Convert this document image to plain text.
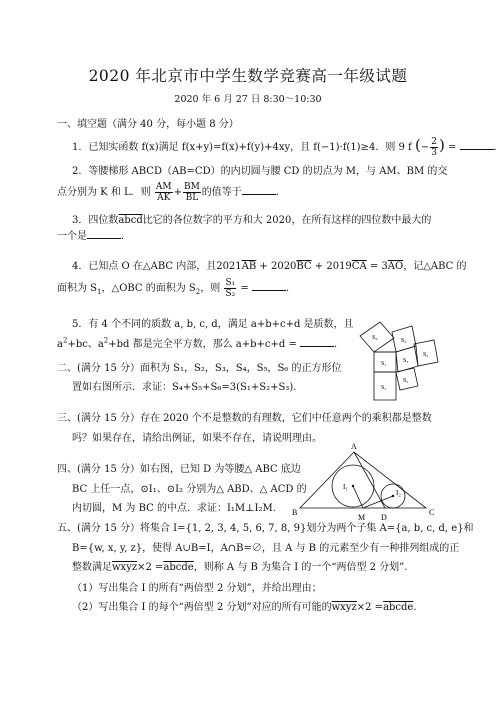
2020 年北京市中学生数学竞赛高一年级试题
2020 年 6 月 27 日 8:30～10:30
一、填空题（满分 40 分，每小题 8 分）
1．已知实函数 f(x)满足 f(x+y)=f(x)+f(y)+4xy，且 f(−1)·f(1)≥4．则 9 f (− $\frac{2}{3}$ ) =	．
2．等腰梯形 ABCD（AB=CD）的内切圆与腰 CD 的切点为 M，与 AM、BM 的交
点分别为 K 和 L．则 $\frac{AM}{AK} + \frac{BM}{BL}$ 的值等于	．
3．四位数abcd比它的各位数字的平方和大 2020，在所有这样的四位数中最大的
一个是	．
4．已知点 O 在△ABC 内部，且$2021\overline{AB} + 2020\overline{BC} + 2019\overline{CA} = 3\overline{AO}$，记△ABC 的
面积为 $S_1$，△OBC 的面积为 $S_2$，则 $\frac{\text{S₁}}{\text{S₂}}$ =	．
5．有 4 个不同的质数 a, b, c, d，满足 a+b+c+d 是质数，且
$a^2+bc$、$a^2+bd$ 都是完全平方数，那么 a+b+c+d =	．
二、(满分 15 分）面积为 S₁，S₂，S₃，S₄，S₅，S₆ 的正方形位
置如右图所示．求证：S₄+S₅+S₆=3(S₁+S₂+S₃).
S₆	S₂
S₄
S₁	S₃
S₅
S₂
三、(满分 15 分）存在 2020 个不是整数的有理数，它们中任意两个的乘积都是整数
吗？如果存在，请给出例证，如果不存在，请说明理由。
四、(满分 15 分）如右图，已知 D 为等腰△ ABC 底边
BC 上任一点，⊙I₁、⊙I₂ 分别为△ ABD、△ ACD 的
内切圆，M 为 BC 的中点．求证：I₁M⊥I₂M.
A
B	C
D
M
I₁
I₂
五、(满分 15 分）将集合 I={1, 2, 3, 4, 5, 6, 7, 8, 9}划分为两个子集 A={a, b, c, d, e}和
B={w, x, y, z}，使得 A∪B=I，A∩B=∅，且 A 与 B 的元素至少有一种排列组成的正
整数满足wxyz×2 =abcde，则称 A 与 B 为集合 I 的一个“两倍型 2 分划”.
（1）写出集合 I 的所有“两倍型 2 分划”，并给出理由；
（2）写出集合 I 的每个“两倍型 2 分划”对应的所有可能的wxyz×2 =abcde.
